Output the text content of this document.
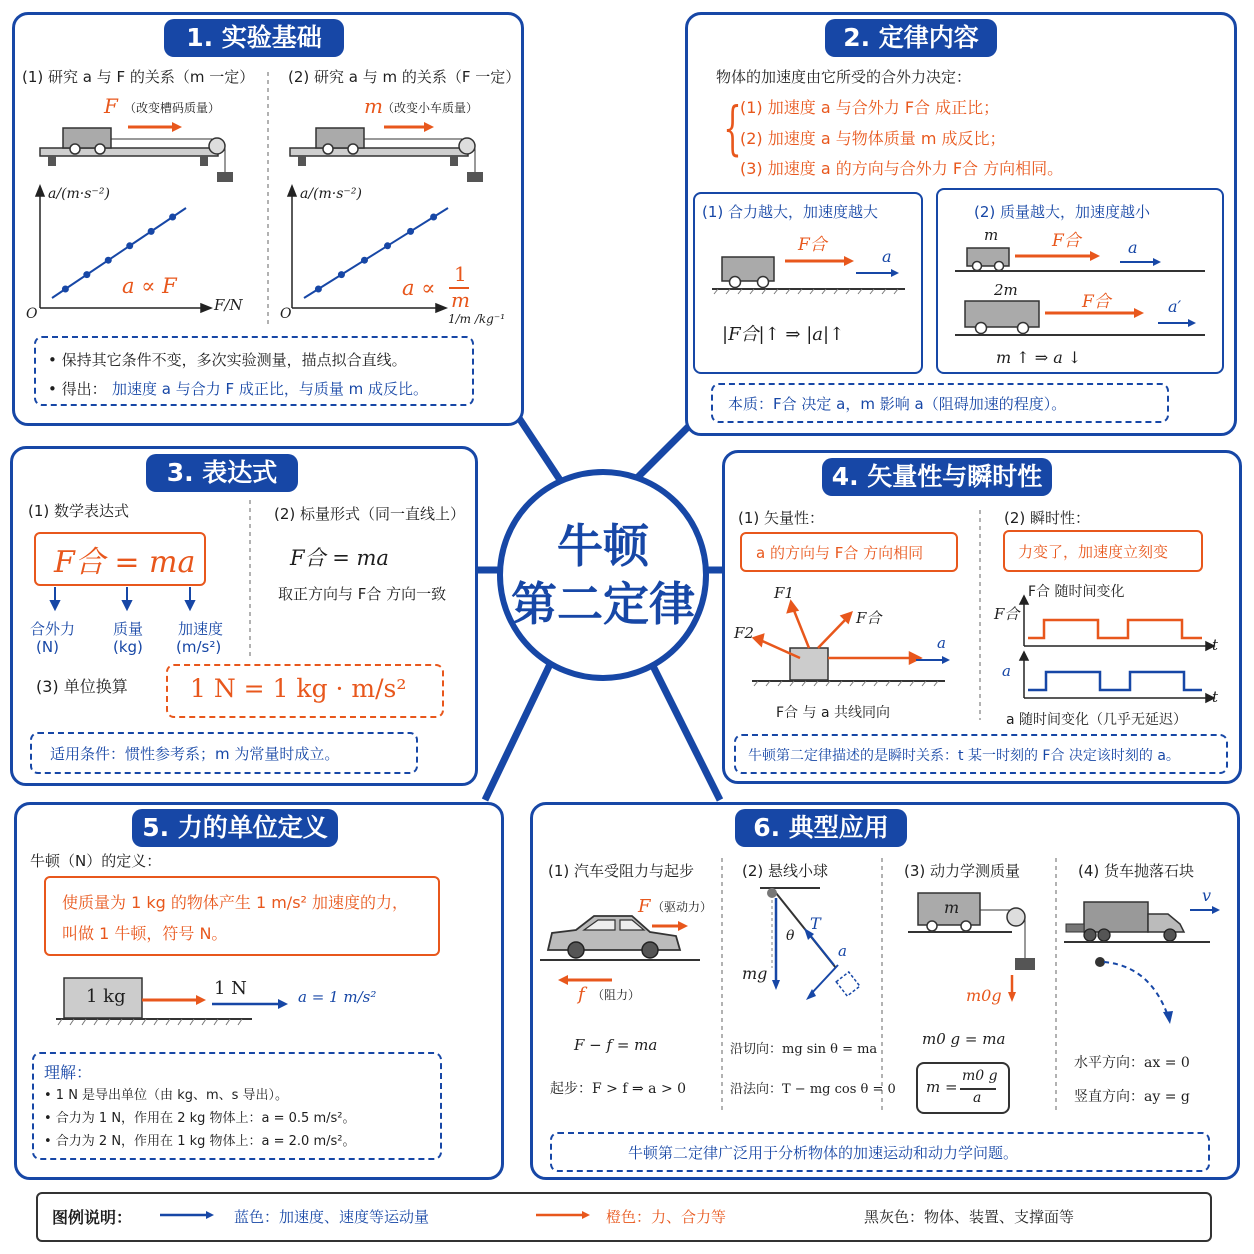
1. 实验基础
(1) 研究 a 与 F 的关系（m 一定） (2) 研究 a 与 m 的关系（F 一定）
F （改变槽码质量）	m （改变小车质量）
a/(m·s⁻²)	a/(m·s⁻²)
F/N
1/m /kg⁻¹
O	O
a ∝ F	a ∝
1
m
• 保持其它条件不变，多次实验测量，描点拟合直线。
• 得出： 加速度 a 与合力 F 成正比，与质量 m 成反比。
2. 定律内容
物体的加速度由它所受的合外力决定：
{
(1) 加速度 a 与合外力 F合 成正比；
(2) 加速度 a 与物体质量 m 成反比；
(3) 加速度 a 的方向与合外力 F合 方向相同。
(1) 合力越大，加速度越大	(2) 质量越大，加速度越小
F合
a
|F合|↑ ⇒ |a|↑
m	F合	a
2m
F合	a′
m ↑ ⇒ a ↓
本质：F合 决定 a，m 影响 a（阻碍加速的程度）。
3. 表达式
(1) 数学表达式	(2) 标量形式（同一直线上）
F合 = ma	F合 = ma
取正方向与 F合 方向一致
合外力
(N)
质量
(kg)
加速度
(m/s²)
(3) 单位换算 1 N = 1 kg · m/s²
适用条件：惯性参考系；m 为常量时成立。
4. 矢量性与瞬时性
(1) 矢量性：	(2) 瞬时性：
a 的方向与 F合 方向相同	力变了，加速度立刻变
F1
F2
F合
a
F合 与 a 共线同向
F合 随时间变化
F合
a
t
t
a 随时间变化（几乎无延迟）
牛顿第二定律描述的是瞬时关系：t 某一时刻的 F合 决定该时刻的 a。
5. 力的单位定义
牛顿（N）的定义：
使质量为 1 kg 的物体产生 1 m/s² 加速度的力，
叫做 1 牛顿，符号 N。
1 kg	1 N	a = 1 m/s²
理解：
• 1 N 是导出单位（由 kg、m、s 导出）。
• 合力为 1 N，作用在 2 kg 物体上：a = 0.5 m/s²。
• 合力为 2 N，作用在 1 kg 物体上：a = 2.0 m/s²。
6. 典型应用
(1) 汽车受阻力与起步	(2) 悬线小球	(3) 动力学测质量	(4) 货车抛落石块
F （驱动力）
f （阻力）
F − f = ma
起步：F > f ⇒ a > 0
θ
T
a
mg
沿切向：mg sin θ = ma
沿法向：T − mg cos θ = 0
m
m0g
m0 g = ma
m =
m0 g
a
v
水平方向：ax = 0
竖直方向：ay = g
牛顿第二定律广泛用于分析物体的加速运动和动力学问题。
牛顿
第二定律
图例说明：	蓝色：加速度、速度等运动量	橙色：力、合力等	黑灰色：物体、装置、支撑面等
